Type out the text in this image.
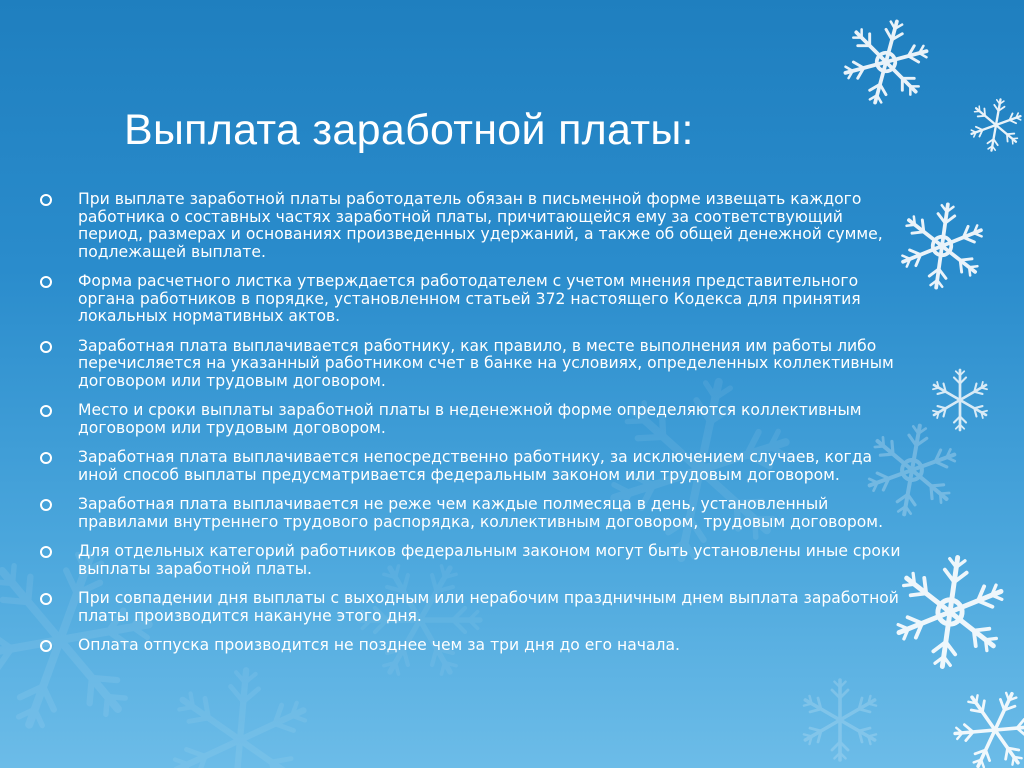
Выплата заработной платы:
При выплате заработной платы работодатель обязан в письменной форме извещать каждого работника о составных частях заработной платы, причитающейся ему за соответствующий период, размерах и основаниях произведенных удержаний, а также об общей денежной сумме, подлежащей выплате.
Форма расчетного листка утверждается работодателем с учетом мнения представительного органа работников в порядке, установленном статьей 372 настоящего Кодекса для принятия локальных нормативных актов.
Заработная плата выплачивается работнику, как правило, в месте выполнения им работы либо перечисляется на указанный работником счет в банке на условиях, определенных коллективным договором или трудовым договором.
Место и сроки выплаты заработной платы в неденежной форме определяются коллективным договором или трудовым договором.
Заработная плата выплачивается непосредственно работнику, за исключением случаев, когда иной способ выплаты предусматривается федеральным законом или трудовым договором.
Заработная плата выплачивается не реже чем каждые полмесяца в день, установленный правилами внутреннего трудового распорядка, коллективным договором, трудовым договором.
Для отдельных категорий работников федеральным законом могут быть установлены иные сроки выплаты заработной платы.
При совпадении дня выплаты с выходным или нерабочим праздничным днем выплата заработной платы производится накануне этого дня.
Оплата отпуска производится не позднее чем за три дня до его начала.
